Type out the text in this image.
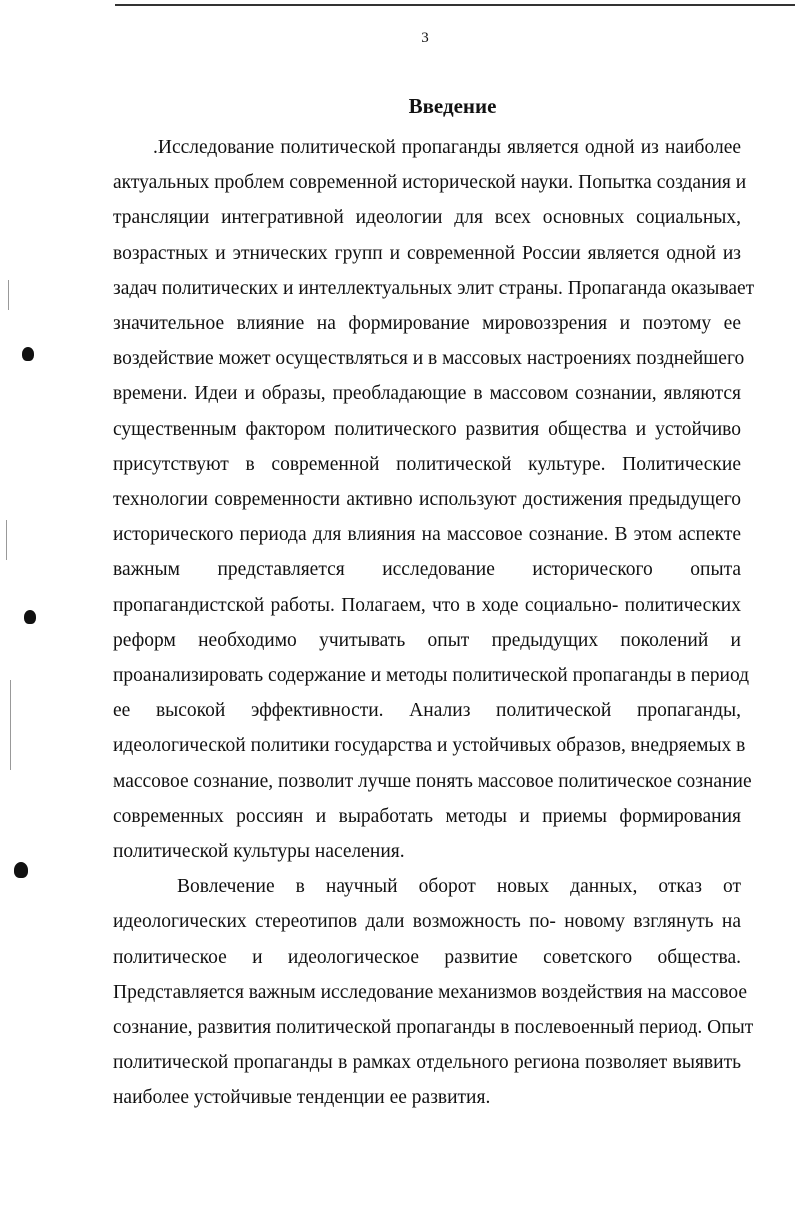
3
Введение
.Исследование политической пропаганды является одной из наиболее
актуальных проблем современной исторической науки. Попытка создания и
трансляции интегративной идеологии для всех основных социальных,
возрастных и этнических групп и современной России является одной из
задач политических и интеллектуальных элит страны. Пропаганда оказывает
значительное влияние на формирование мировоззрения и поэтому ее
воздействие может осуществляться и в массовых настроениях позднейшего
времени. Идеи и образы, преобладающие в массовом сознании, являются
существенным фактором политического развития общества и устойчиво
присутствуют в современной политической культуре. Политические
технологии современности активно используют достижения предыдущего
исторического периода для влияния на массовое сознание. В этом аспекте
важным представляется исследование исторического опыта
пропагандистской работы. Полагаем, что в ходе социально- политических
реформ необходимо учитывать опыт предыдущих поколений и
проанализировать содержание и методы политической пропаганды в период
ее высокой эффективности. Анализ политической пропаганды,
идеологической политики государства и устойчивых образов, внедряемых в
массовое сознание, позволит лучше понять массовое политическое сознание
современных россиян и выработать методы и приемы формирования
политической культуры населения.
Вовлечение в научный оборот новых данных, отказ от
идеологических стереотипов дали возможность по- новому взглянуть на
политическое и идеологическое развитие советского общества.
Представляется важным исследование механизмов воздействия на массовое
сознание, развития политической пропаганды в послевоенный период. Опыт
политической пропаганды в рамках отдельного региона позволяет выявить
наиболее устойчивые тенденции ее развития.
